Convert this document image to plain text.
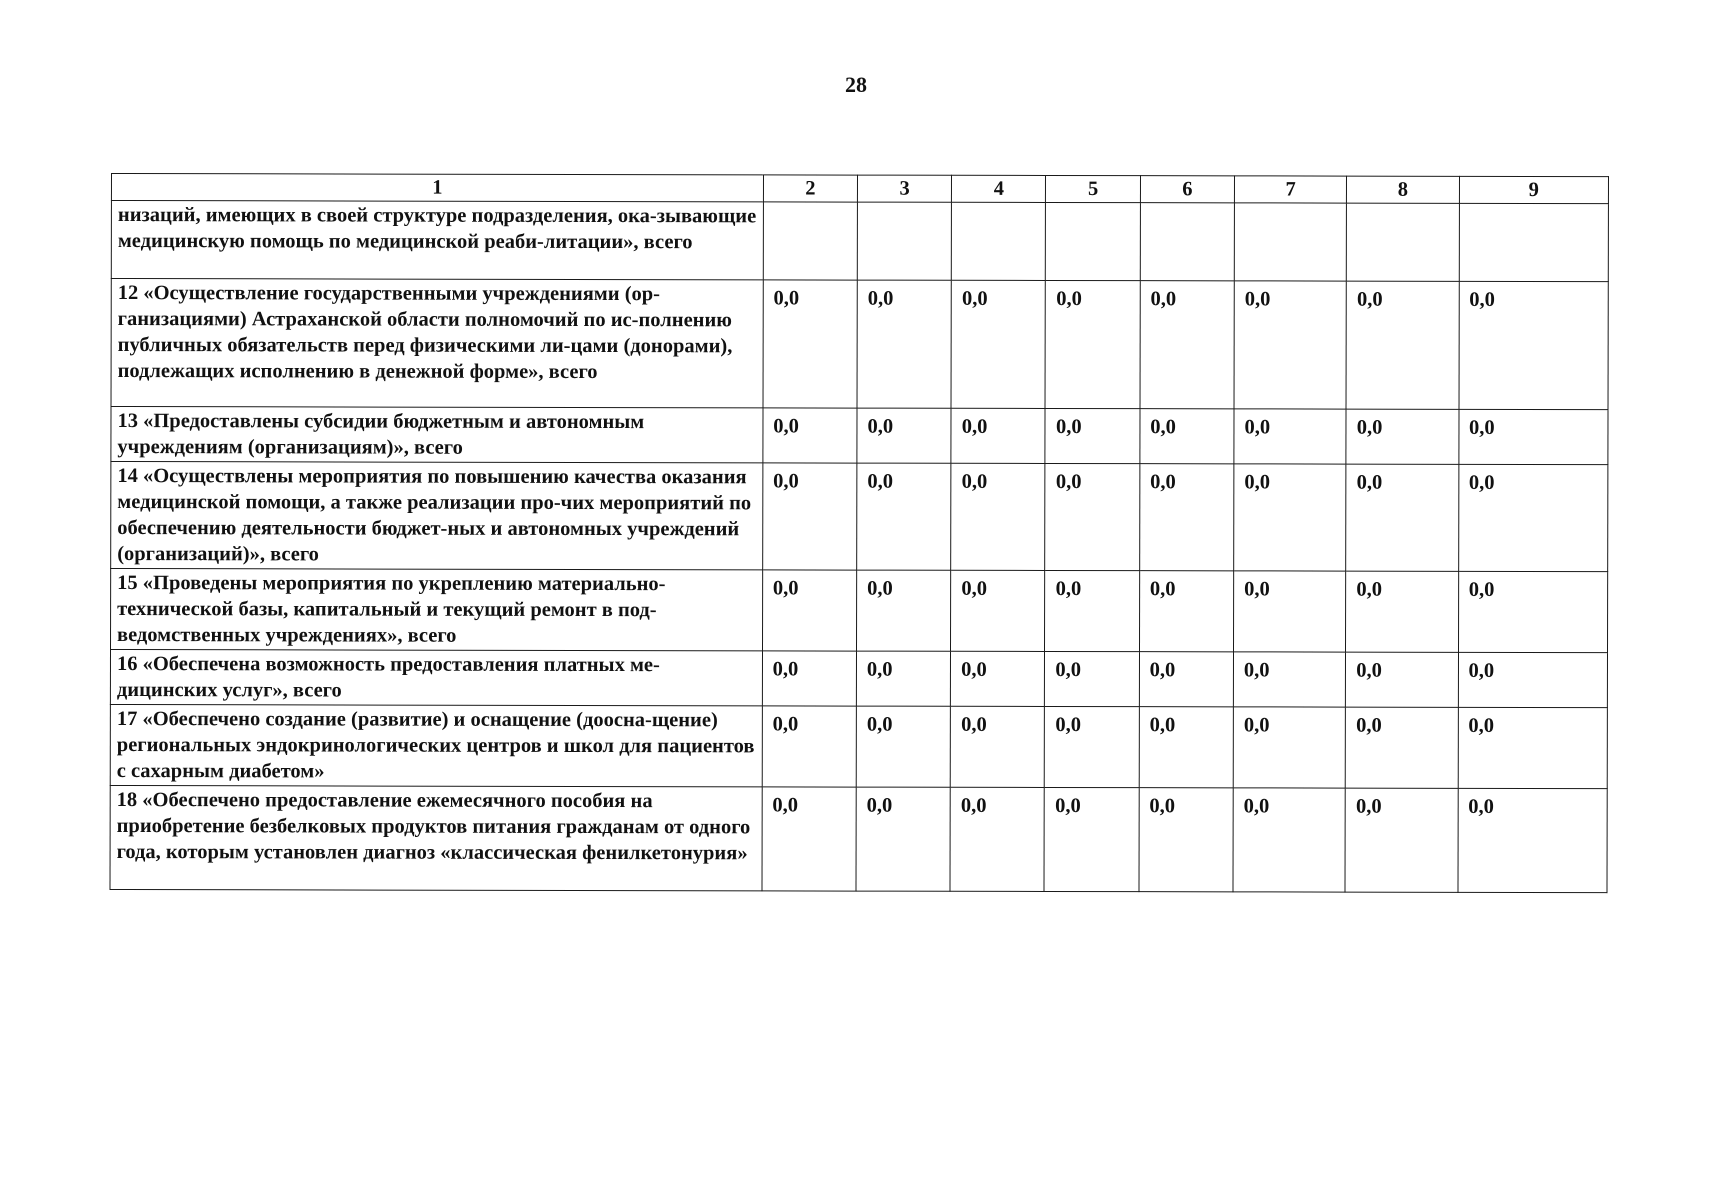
28
1	2	3	4	5	6	7	8	9
низаций, имеющих в своей структуре подразделения, ока-зывающие медицинскую помощь по медицинской реаби-литации», всего								
12 «Осуществление государственными учреждениями (ор-ганизациями) Астраханской области полномочий по ис-полнению публичных обязательств перед физическими ли-цами (донорами), подлежащих исполнению в денежной форме», всего	0,0	0,0	0,0	0,0	0,0	0,0	0,0	0,0
13 «Предоставлены субсидии бюджетным и автономным учреждениям (организациям)», всего	0,0	0,0	0,0	0,0	0,0	0,0	0,0	0,0
14 «Осуществлены мероприятия по повышению качества оказания медицинской помощи, а также реализации про-чих мероприятий по обеспечению деятельности бюджет-ных и автономных учреждений (организаций)», всего	0,0	0,0	0,0	0,0	0,0	0,0	0,0	0,0
15 «Проведены мероприятия по укреплению материально-технической базы, капитальный и текущий ремонт в под-ведомственных учреждениях», всего	0,0	0,0	0,0	0,0	0,0	0,0	0,0	0,0
16 «Обеспечена возможность предоставления платных ме-дицинских услуг», всего	0,0	0,0	0,0	0,0	0,0	0,0	0,0	0,0
17 «Обеспечено создание (развитие) и оснащение (доосна-щение) региональных эндокринологических центров и школ для пациентов с сахарным диабетом»	0,0	0,0	0,0	0,0	0,0	0,0	0,0	0,0
18 «Обеспечено предоставление ежемесячного пособия на приобретение безбелковых продуктов питания гражданам от одного года, которым установлен диагноз «классическая фенилкетонурия»	0,0	0,0	0,0	0,0	0,0	0,0	0,0	0,0
